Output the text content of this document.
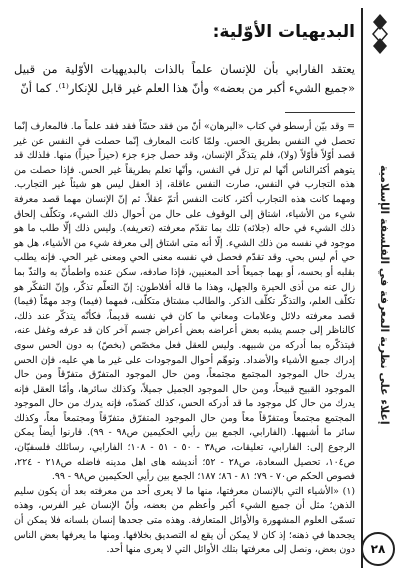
إعلاء على نظرية المعرفة في الفلسفة الإسلامية
٢٨
البديهيات الأوّلية:
يعتقد الفارابي بأن للإنسان علماً بالذات بالبديهيات الأوّلية من قبيل «جميع الشيء أكبر من بعضه» وأنّ هذا العلم غير قابل للإنكار⁽¹⁾. كما أنّ

= وقد بيّن أرسطو في كتاب «البرهان» أنّ من فقد حسّاً فقد فقد علماً ما. فالمعارف إنّما تحصل في النفس بطريق الحس. ولمّا كانت المعارف إنّما حصلت في النفس عن غير قصد أوّلاً فأوّلاً (ولا)، فلم يتذكّر الإنسان، وقد حصل جزء جزء (حيزاً حيزاً) منها. فلذلك قد يتوهم أكثرالناس أنّها لم تزل في النفس، وأنّها تعلم بطريقاً غير الحس. فإذا حصلت من هذه التجارب في النفس، صارت النفس عاقلة، إذ العقل ليس هو شيئاً غير التجارب. ومهما كانت هذه التجارب أكثر، كانت النفس أتمّ عقلاً. ثم إنّ الإنسان مهما قصد معرفة شيء من الأشياء، اشتاق إلى الوقوف على حال من أحوال ذلك الشيء، وتكلّف إلحاق ذلك الشيء في حاله (جلائه) تلك بما تقدّم معرفته (تعريفه). وليس ذلك إلّا طلب ما هو موجود في نفسه من ذلك الشيء. إلّا أنه متى اشتاق إلى معرفة شيء من الأشياء، هل هو حي أم ليس بحي. وقد تقدّم فحصل في نفسه معنى الحي ومعنى غير الحي. فإنه يطلب بقلبه أو بحسه، أو بهما جميعاً أحد المعنيين، فإذا صادفه، سكن عنده واطمأنّ به والتذّ بما زال عنه من أذى الحيرة والجهل، وهذا ما قاله أفلاطون: إنّ التعلّم تذكّر، وإنّ التفكّر هو تكلّف العلم، والتذكّر تكلّف الذكر. والطالب مشتاق متكلّف، فمهما (فيما) وجد مهمّاً (فيما) قصد معرفته دلائل وعلامات ومعاني ما كان في نفسه قديماً، فكأنّه يتذكّر عند ذلك، كالناظر إلى جسم يشبه بعض أعراضه بعض أعراض جسم آخر كان قد عرفه وغفل عنه، فيتذكّره بما أدركه من شبيهه. وليس للعقل فعل مخصّص (بخصّ) به دون الحس سوى إدراك جميع الأشياء والأضداد. وتوهّم أحوال الموجودات على غير ما هي عليه، فإن الحس يدرك حال الموجود المجتمع مجتمعاً، ومن حال الموجود المتفرّق متفرّقاً ومن حال الموجود القبيح قبيحاً، ومن حال الموجود الجميل جميلاً، وكذلك سائرها، وأمّا العقل فإنه يدرك من حال كل موجود ما قد أدركه الحس، كذلك كضدّه، فإنه يدرك من حال الموجود المجتمع مجتمعاً ومتفرّقاً معاً ومن حال الموجود المتفرّق متفرّقاً ومجتمعاً معاً، وكذلك سائر ما أشبهها. (الفارابي، الجمع بين رأيي الحكيمين ص٩٨ - ٩٩). قارنوا أيضاً يمكن الرجوع إلى: الفارابي، تعليقات، ص٣٨ - ٥٠ - ٥١ - ١٠٨؛ الفارابي، رسائلك فلسفيّان، ص١٠٤، تحصيل السعادة، ص٢٨ - ٥٢؛ أندیشه هاى اهل مدينه فاضله ص٢١٨ - ٢٢٤، فصوص الحكم ص٧٠ - ٧٩؛ ٨١ - ٨٦؛ ١٨٧؛ الجمع بين رأيي الحكيمين ص٩٨ - ٩٩.

(١) «الأشياء التي بالإنسان معرفتها، منها ما لا يعرى أحد من معرفته بعد أن يكون سليم الذهن؛ مثل أن جميع الشيء أكبر وأعظم من بعضه، وأنّ الإنسان غير الفرس، وهذه تسمّى العلوم المشهورة والأوائل المتعارفة. وهذه متى جحدها إنسان بلسانه فلا يمكن أن يجحدها في ذهنه؛ إذ كان لا يمكن أن يقع له التصديق بخلافها. ومنها ما يعرفها بعض الناس دون بعض، ونصل إلى معرفتها بتلك الأوائل التي لا يعرى منها أحد.
